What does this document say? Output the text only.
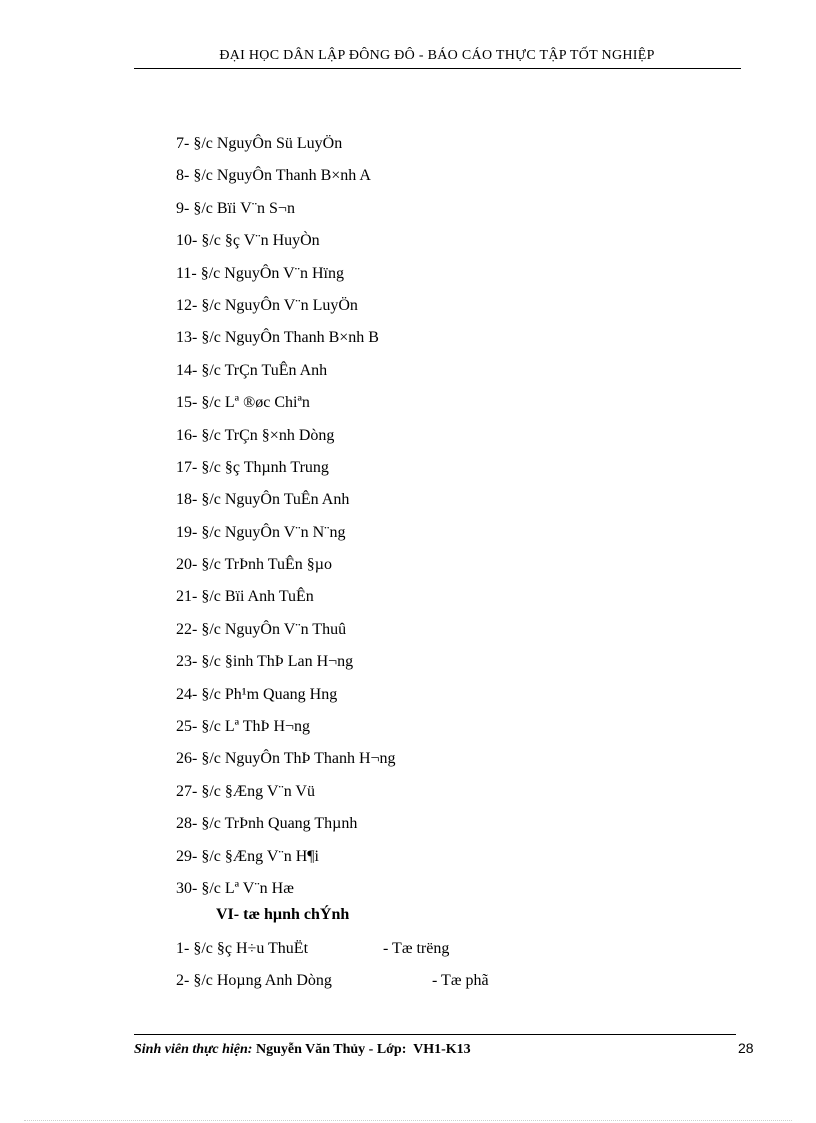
ĐẠI HỌC DÂN LẬP ĐÔNG ĐÔ - BÁO CÁO THỰC TẬP TỐT NGHIỆP
7- §/c NguyÔn Sü LuyÖn
8- §/c NguyÔn Thanh B×nh A
9- §/c Bïi V¨n S¬n
10- §/c §ç V¨n HuyÒn
11- §/c NguyÔn V¨n Hïng
12- §/c NguyÔn V¨n LuyÖn
13- §/c NguyÔn Thanh B×nh B
14- §/c TrÇn TuÊn Anh
15- §/c Lª ®øc Chiªn
16- §/c TrÇn §×nh Dòng
17- §/c §ç Thµnh Trung
18- §/c NguyÔn TuÊn Anh
19- §/c NguyÔn V¨n N¨ng
20- §/c TrÞnh TuÊn §µo
21- §/c Bïi Anh TuÊn
22- §/c NguyÔn V¨n Thuû
23- §/c §inh ThÞ Lan H¬ng
24- §/c Ph¹m Quang Hng
25- §/c Lª ThÞ H¬ng
26- §/c NguyÔn ThÞ Thanh H¬ng
27- §/c §Æng V¨n Vü
28- §/c TrÞnh Quang Thµnh
29- §/c §Æng V¨n H¶i
30- §/c Lª V¨n Hæ
VI- tæ hµnh chÝnh
1- §/c §ç H÷u ThuËt	- Tæ trëng
2- §/c Hoµng Anh Dòng	- Tæ phã
Sinh viên thực hiện: Nguyễn Văn Thủy - Lớp:  VH1-K13	28
